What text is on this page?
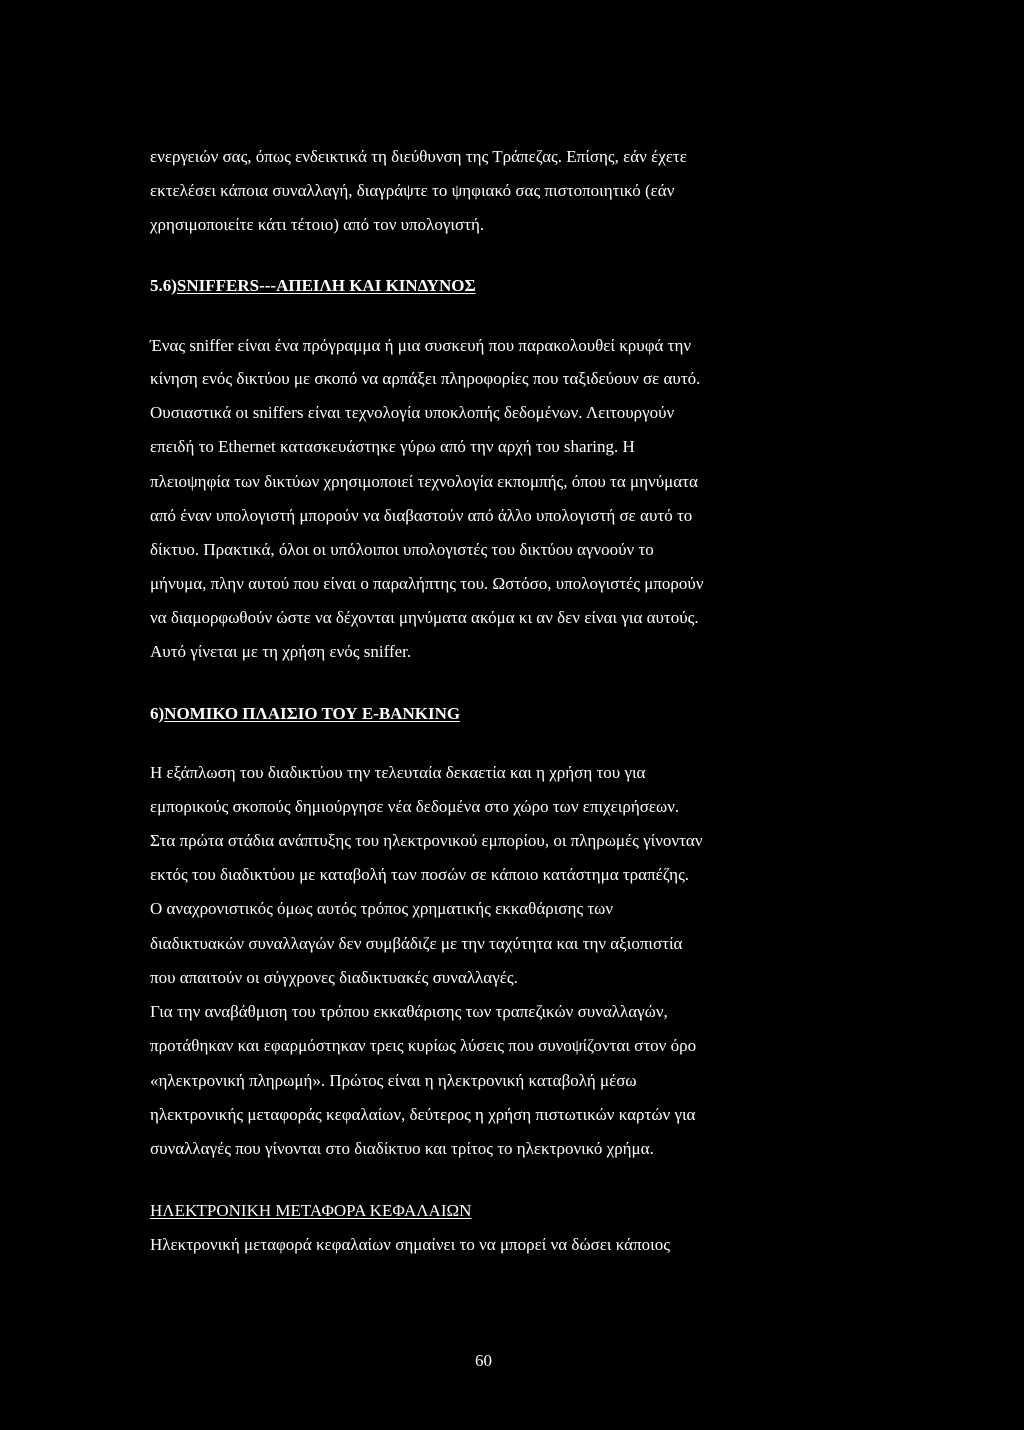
ενεργειών σας, όπως ενδεικτικά τη διεύθυνση της Τράπεζας. Επίσης, εάν έχετε

εκτελέσει κάποια συναλλαγή, διαγράψτε το ψηφιακό σας πιστοποιητικό (εάν

χρησιμοποιείτε κάτι τέτοιο) από τον υπολογιστή.

5.6)SNIFFERS---ΑΠΕΙΛΗ ΚΑΙ ΚΙΝΔΥΝΟΣ

Ένας sniffer είναι ένα πρόγραμμα ή μια συσκευή που παρακολουθεί κρυφά την

κίνηση ενός δικτύου με σκοπό να αρπάξει πληροφορίες που ταξιδεύουν σε αυτό.

Ουσιαστικά οι sniffers είναι τεχνολογία υποκλοπής δεδομένων. Λειτουργούν

επειδή το Ethernet κατασκευάστηκε γύρω από την αρχή του sharing. Η

πλειοψηφία των δικτύων χρησιμοποιεί τεχνολογία εκπομπής, όπου τα μηνύματα

από έναν υπολογιστή μπορούν να διαβαστούν από άλλο υπολογιστή σε αυτό το

δίκτυο. Πρακτικά, όλοι οι υπόλοιποι υπολογιστές του δικτύου αγνοούν το

μήνυμα, πλην αυτού που είναι ο παραλήπτης του. Ωστόσο, υπολογιστές μπορούν

να διαμορφωθούν ώστε να δέχονται μηνύματα ακόμα κι αν δεν είναι για αυτούς.

Αυτό γίνεται με τη χρήση ενός sniffer.

6)ΝΟΜΙΚΟ ΠΛΑΙΣΙΟ ΤΟΥ E-BANKING

Η εξάπλωση του διαδικτύου την τελευταία δεκαετία και η χρήση του για

εμπορικούς σκοπούς δημιούργησε νέα δεδομένα στο χώρο των επιχειρήσεων.

Στα πρώτα στάδια ανάπτυξης του ηλεκτρονικού εμπορίου, οι πληρωμές γίνονταν

εκτός του διαδικτύου με καταβολή των ποσών σε κάποιο κατάστημα τραπέζης.

Ο αναχρονιστικός όμως αυτός τρόπος χρηματικής εκκαθάρισης των

διαδικτυακών συναλλαγών δεν συμβάδιζε με την ταχύτητα και την αξιοπιστία

που απαιτούν οι σύγχρονες διαδικτυακές συναλλαγές.

Για την αναβάθμιση του τρόπου εκκαθάρισης των τραπεζικών συναλλαγών,

προτάθηκαν και εφαρμόστηκαν τρεις κυρίως λύσεις που συνοψίζονται στον όρο

«ηλεκτρονική πληρωμή». Πρώτος είναι η ηλεκτρονική καταβολή μέσω

ηλεκτρονικής μεταφοράς κεφαλαίων, δεύτερος η χρήση πιστωτικών καρτών για

συναλλαγές που γίνονται στο διαδίκτυο και τρίτος το ηλεκτρονικό χρήμα.

ΗΛΕΚΤΡΟΝΙΚΗ ΜΕΤΑΦΟΡΑ ΚΕΦΑΛΑΙΩΝ

Ηλεκτρονική μεταφορά κεφαλαίων σημαίνει το να μπορεί να δώσει κάποιος

60
